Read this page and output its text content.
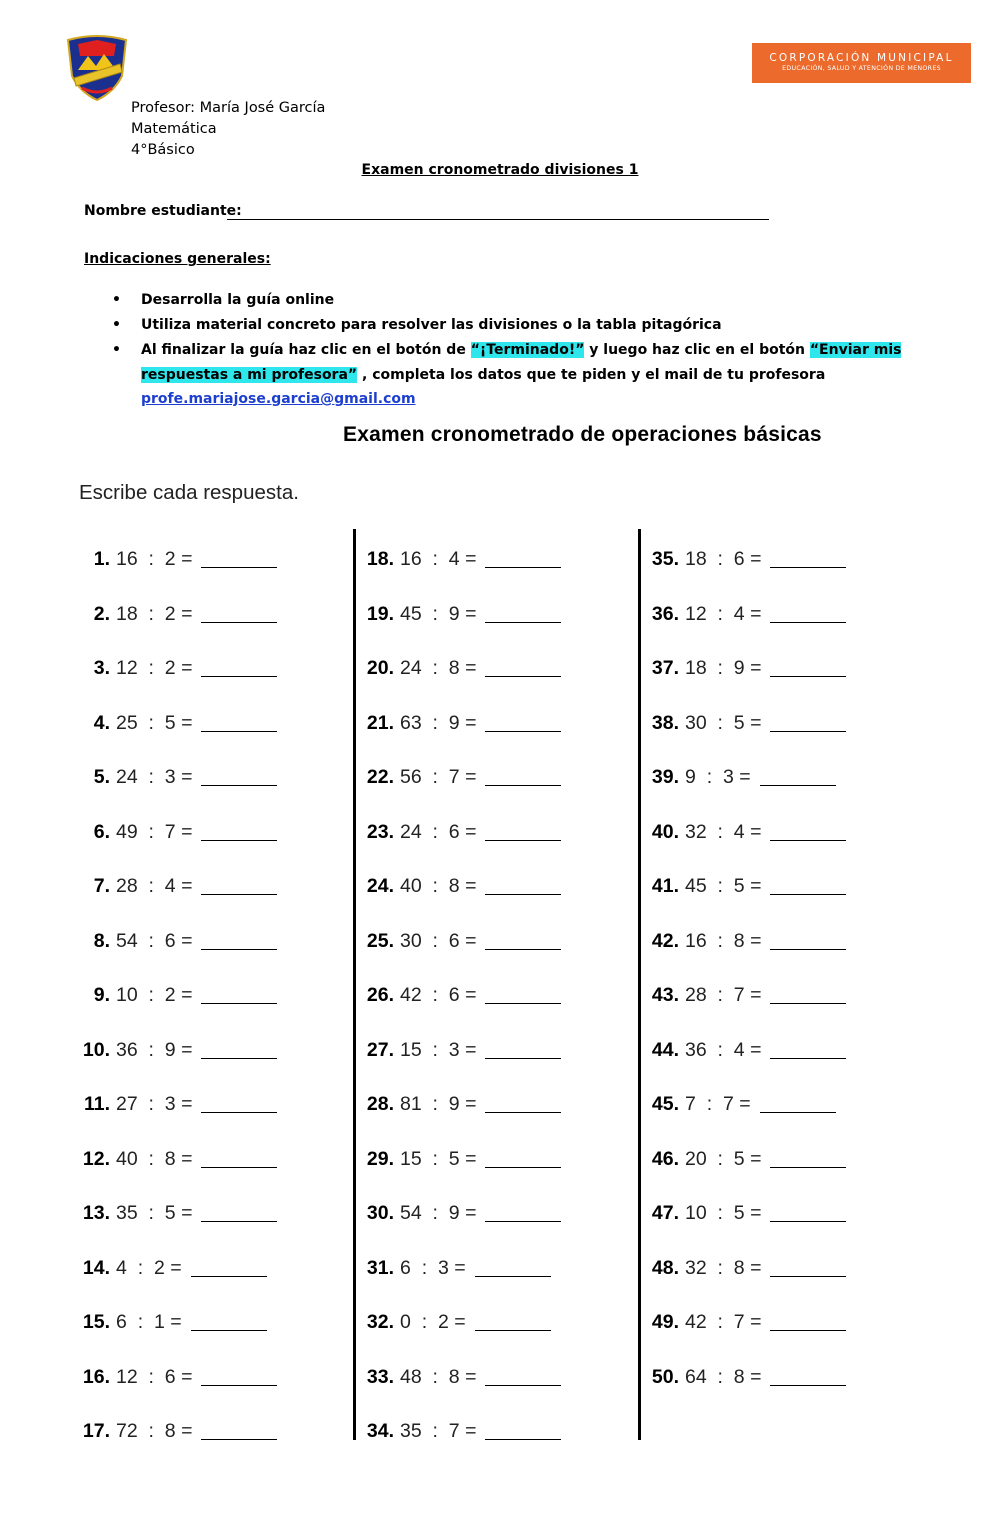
CORPORACIÓN MUNICIPAL
EDUCACIÓN, SALUD Y ATENCIÓN DE MENORES
Profesor: María José García
Matemática
4°Básico
Examen cronometrado divisiones 1
Nombre estudiante:
Indicaciones generales:
• Desarrolla la guía online
• Utiliza material concreto para resolver las divisiones o la tabla pitagórica
• Al finalizar la guía haz clic en el botón de “¡Terminado!” y luego haz clic en el botón “Enviar mis respuestas a mi profesora” , completa los datos que te piden y el mail de tu profesora profe.mariajose.garcia@gmail.com
Examen cronometrado de operaciones básicas
Escribe cada respuesta.
1. 16  :  2 =
2. 18  :  2 =
3. 12  :  2 =
4. 25  :  5 =
5. 24  :  3 =
6. 49  :  7 =
7. 28  :  4 =
8. 54  :  6 =
9. 10  :  2 =
10. 36  :  9 =
11. 27  :  3 =
12. 40  :  8 =
13. 35  :  5 =
14. 4  :  2 =
15. 6  :  1 =
16. 12  :  6 =
17. 72  :  8 =
18. 16  :  4 =
19. 45  :  9 =
20. 24  :  8 =
21. 63  :  9 =
22. 56  :  7 =
23. 24  :  6 =
24. 40  :  8 =
25. 30  :  6 =
26. 42  :  6 =
27. 15  :  3 =
28. 81  :  9 =
29. 15  :  5 =
30. 54  :  9 =
31. 6  :  3 =
32. 0  :  2 =
33. 48  :  8 =
34. 35  :  7 =
35. 18  :  6 =
36. 12  :  4 =
37. 18  :  9 =
38. 30  :  5 =
39. 9  :  3 =
40. 32  :  4 =
41. 45  :  5 =
42. 16  :  8 =
43. 28  :  7 =
44. 36  :  4 =
45. 7  :  7 =
46. 20  :  5 =
47. 10  :  5 =
48. 32  :  8 =
49. 42  :  7 =
50. 64  :  8 =
